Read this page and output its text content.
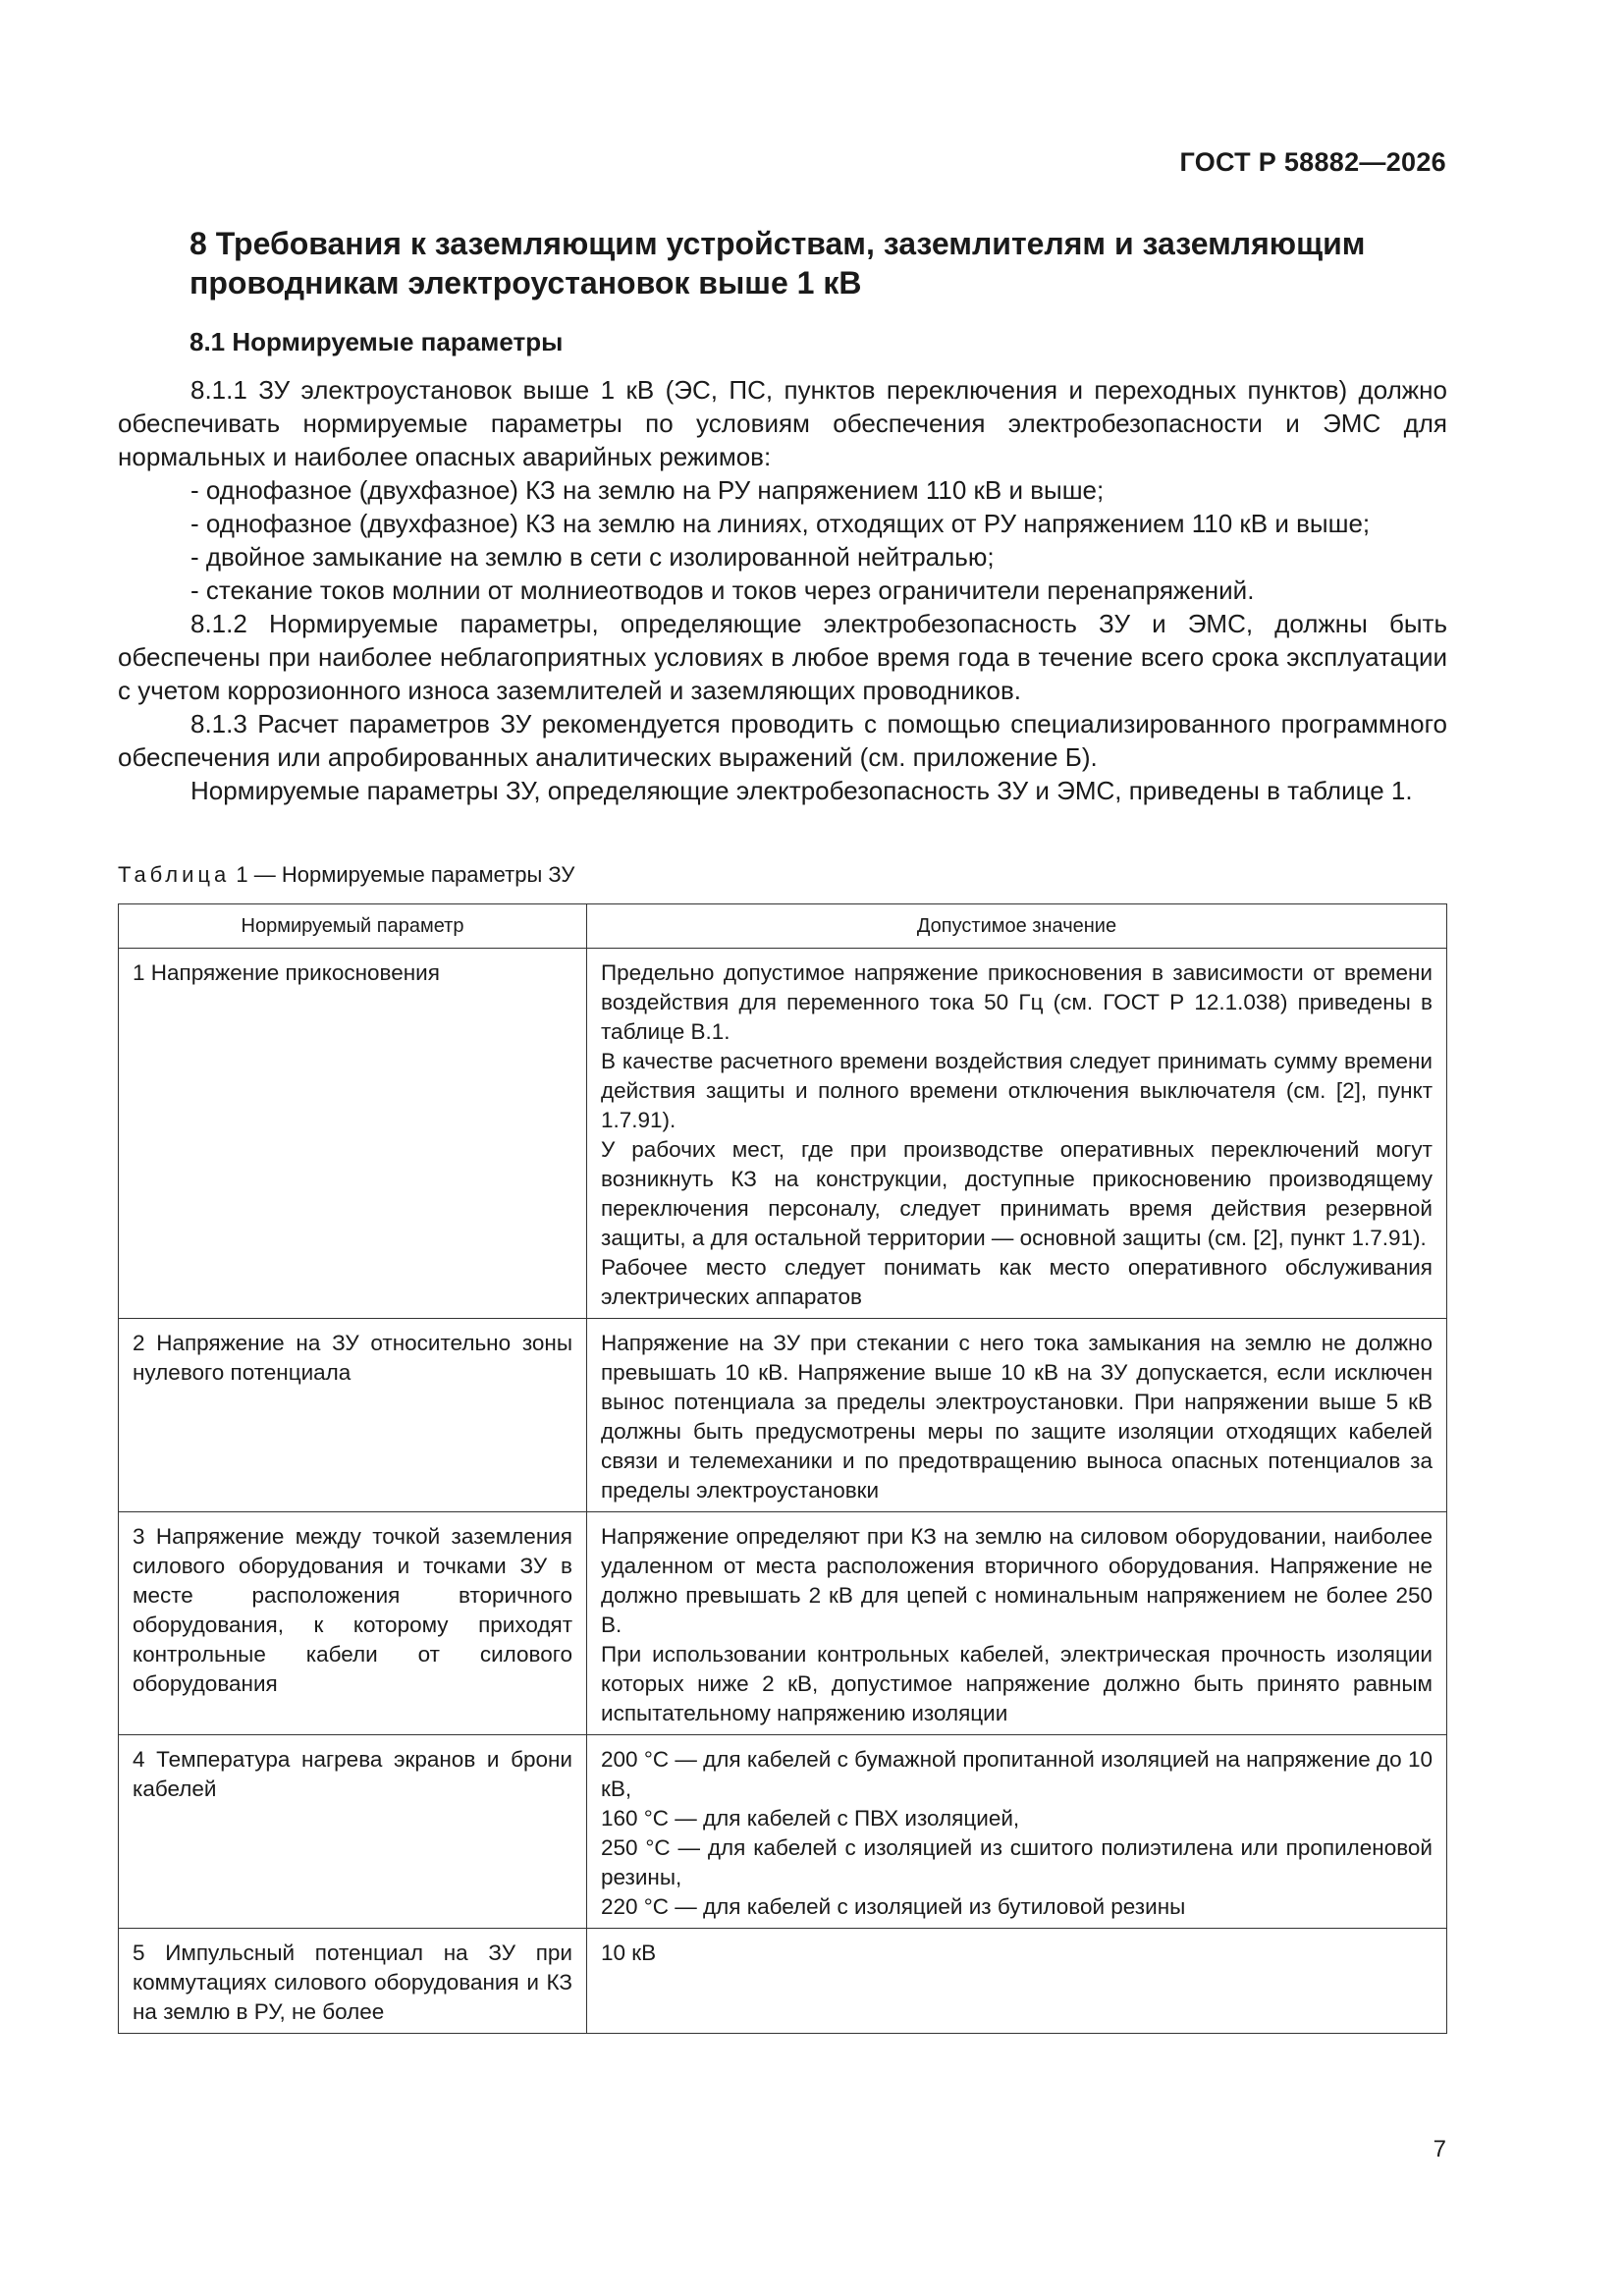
ГОСТ Р 58882—2026
8 Требования к заземляющим устройствам, заземлителям и заземляющим проводникам электроустановок выше 1 кВ
8.1 Нормируемые параметры

8.1.1 ЗУ электроустановок выше 1 кВ (ЭС, ПС, пунктов переключения и переходных пунктов) должно обеспечивать нормируемые параметры по условиям обеспечения электробезопасности и ЭМС для нормальных и наиболее опасных аварийных режимов:

- однофазное (двухфазное) КЗ на землю на РУ напряжением 110 кВ и выше;

- однофазное (двухфазное) КЗ на землю на линиях, отходящих от РУ напряжением 110 кВ и выше;

- двойное замыкание на землю в сети с изолированной нейтралью;

- стекание токов молнии от молниеотводов и токов через ограничители перенапряжений.

8.1.2 Нормируемые параметры, определяющие электробезопасность ЗУ и ЭМС, должны быть обеспечены при наиболее неблагоприятных условиях в любое время года в течение всего срока эксплуатации с учетом коррозионного износа заземлителей и заземляющих проводников.

8.1.3 Расчет параметров ЗУ рекомендуется проводить с помощью специализированного программного обеспечения или апробированных аналитических выражений (см. приложение Б).

Нормируемые параметры ЗУ, определяющие электробезопасность ЗУ и ЭМС, приведены в таблице 1.

Таблица 1 — Нормируемые параметры ЗУ
Нормируемый параметр	Допустимое значение
1 Напряжение прикосновения	Предельно допустимое напряжение прикосновения в зависимости от времени воздействия для переменного тока 50 Гц (см. ГОСТ Р 12.1.038) приведены в таблице В.1.
В качестве расчетного времени воздействия следует принимать сумму времени действия защиты и полного времени отключения выключателя (см. [2], пункт 1.7.91).
У рабочих мест, где при производстве оперативных переключений могут возникнуть КЗ на конструкции, доступные прикосновению производящему переключения персоналу, следует принимать время действия резервной защиты, а для остальной территории — основной защиты (см. [2], пункт 1.7.91).
Рабочее место следует понимать как место оперативного обслуживания электрических аппаратов

2 Напряжение на ЗУ относительно зоны нулевого потенциала	Напряжение на ЗУ при стекании с него тока замыкания на землю не должно превышать 10 кВ. Напряжение выше 10 кВ на ЗУ допускается, если исключен вынос потенциала за пределы электроустановки. При напряжении выше 5 кВ должны быть предусмотрены меры по защите изоляции отходящих кабелей связи и телемеханики и по предотвращению выноса опасных потенциалов за пределы электроустановки

3 Напряжение между точкой заземления силового оборудования и точками ЗУ в месте расположения вторичного оборудования, к которому приходят контрольные кабели от силового оборудования	Напряжение определяют при КЗ на землю на силовом оборудовании, наиболее удаленном от места расположения вторичного оборудования. Напряжение не должно превышать 2 кВ для цепей с номинальным напряжением не более 250 В.
При использовании контрольных кабелей, электрическая прочность изоляции которых ниже 2 кВ, допустимое напряжение должно быть принято равным испытательному напряжению изоляции

4 Температура нагрева экранов и брони кабелей	200 °С — для кабелей с бумажной пропитанной изоляцией на напряжение до 10 кВ,
160 °С — для кабелей с ПВХ изоляцией,
250 °С — для кабелей с изоляцией из сшитого полиэтилена или пропиленовой резины,
220 °С — для кабелей с изоляцией из бутиловой резины

5 Импульсный потенциал на ЗУ при коммутациях силового оборудования и КЗ на землю в РУ, не более	10 кВ
7
